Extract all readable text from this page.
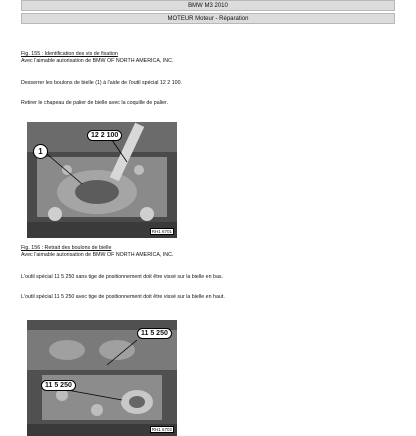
BMW M3 2010
MOTEUR Moteur - Réparation
Fig. 155 : Identification des vis de fixation
Avec l'aimable autorisation de BMW OF NORTH AMERICA, INC.
Desserrer les boulons de bielle (1) à l'aide de l'outil spécial 12 2 100.
Retirer le chapeau de palier de bielle avec la coquille de palier.
12 2 100
1
RH1 6701
Fig. 156 : Retrait des boulons de bielle
Avec l'aimable autorisation de BMW OF NORTH AMERICA, INC.
L'outil spécial 11 5 250 sans tige de positionnement doit être vissé sur la bielle en bas.
L'outil spécial 11 5 250 avec tige de positionnement doit être vissé sur la bielle en haut.
11 5 250
11 5 250
RH1 6702
